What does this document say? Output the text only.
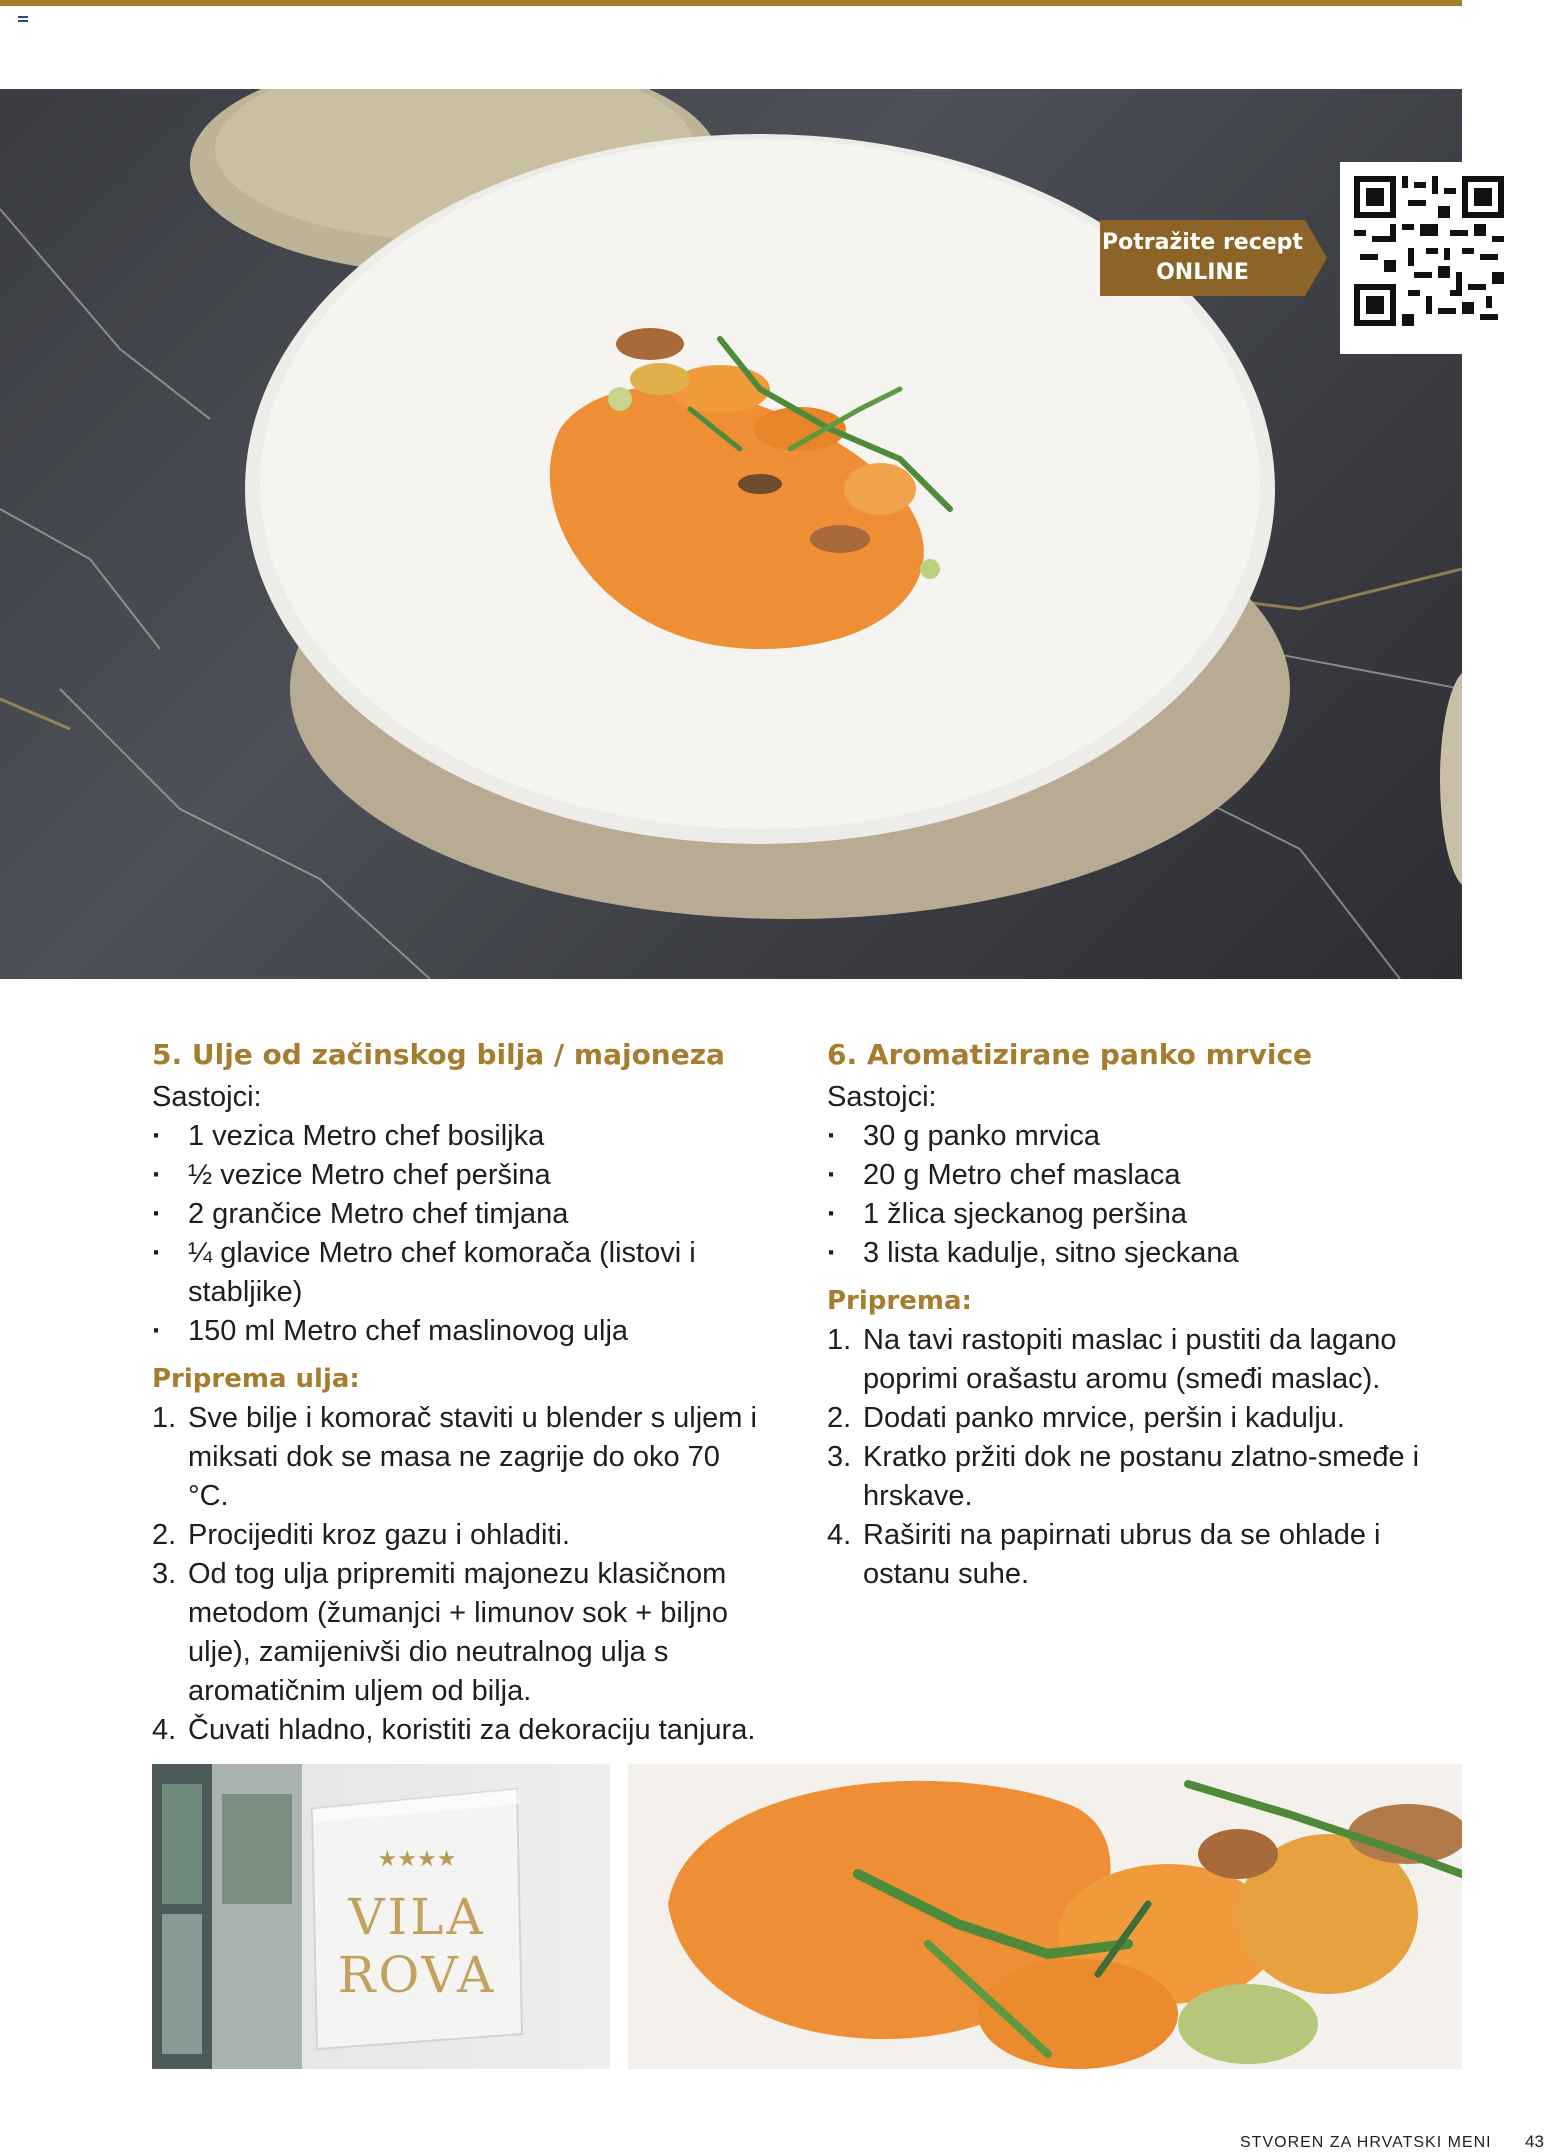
Potražite recept
ONLINE
5. Ulje od začinskog bilja / majoneza

Sastojci:

· 1 vezica Metro chef bosiljka
· ½ vezice Metro chef peršina
· 2 grančice Metro chef timjana
· ¼ glavice Metro chef komorača (listovi i stabljike)
· 150 ml Metro chef maslinovog ulja
Priprema ulja:
1. Sve bilje i komorač staviti u blender s uljem i miksati dok se masa ne zagrije do oko 70 °C.
2. Procijediti kroz gazu i ohladiti.
3. Od tog ulja pripremiti majonezu klasičnom metodom (žumanjci + limunov sok + biljno ulje), zamijenivši dio neutralnog ulja s aromatičnim uljem od bilja.
4. Čuvati hladno, koristiti za dekoraciju tanjura.
6. Aromatizirane panko mrvice

Sastojci:

· 30 g panko mrvica
· 20 g Metro chef maslaca
· 1 žlica sjeckanog peršina
· 3 lista kadulje, sitno sjeckana
Priprema:
1. Na tavi rastopiti maslac i pustiti da lagano poprimi orašastu aromu (smeđi maslac).
2. Dodati panko mrvice, peršin i kadulju.
3. Kratko pržiti dok ne postanu zlatno-smeđe i hrskave.
4. Raširiti na papirnati ubrus da se ohlade i ostanu suhe.
★★★★
VILA
ROVA
STVOREN ZA HRVATSKI MENI 43
